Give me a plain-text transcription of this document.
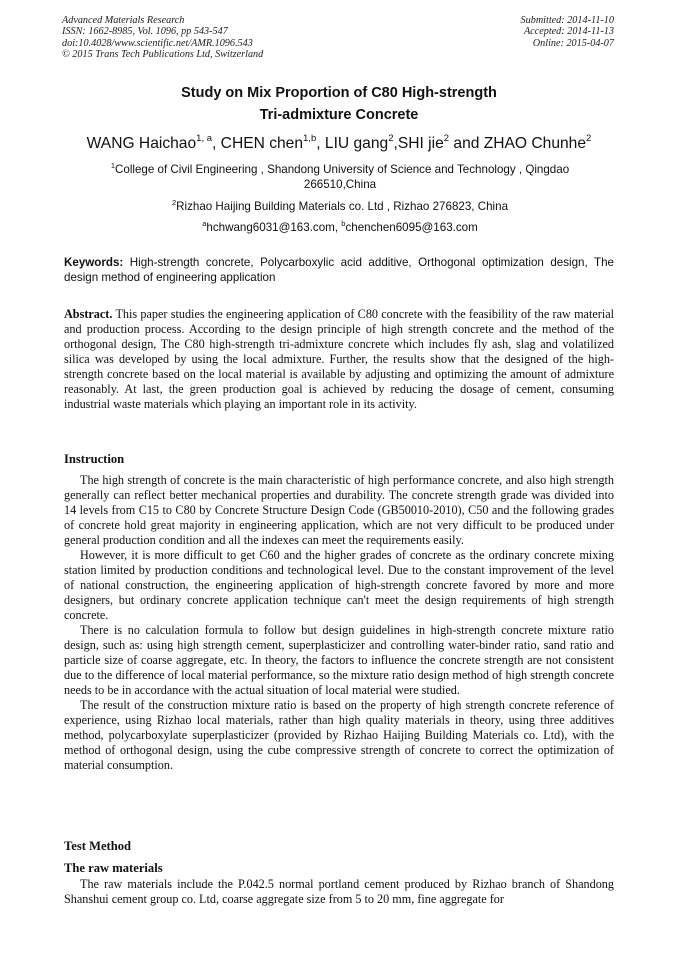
Advanced Materials Research
ISSN: 1662-8985, Vol. 1096, pp 543-547
doi:10.4028/www.scientific.net/AMR.1096.543
© 2015 Trans Tech Publications Ltd, Switzerland
Submitted: 2014-11-10
Accepted: 2014-11-13
Online: 2015-04-07
Study on Mix Proportion of C80 High-strength
Tri-admixture Concrete
WANG Haichao$^{1, a}$, CHEN chen$^{1,b}$, LIU gang$^2$,SHI jie$^2$ and ZHAO Chunhe$^2$
$^1$College of Civil Engineering , Shandong University of Science and Technology , Qingdao 266510,China
$^2$Rizhao Haijing Building Materials co. Ltd , Rizhao 276823, China
$^a$hchwang6031@163.com, $^b$chenchen6095@163.com
Keywords: High-strength concrete, Polycarboxylic acid additive, Orthogonal optimization design, The design method of engineering application
Abstract. This paper studies the engineering application of C80 concrete with the feasibility of the raw material and production process. According to the design principle of high strength concrete and the method of the orthogonal design, The C80 high-strength tri-admixture concrete which includes fly ash, slag and volatilized silica was developed by using the local admixture. Further, the results show that the designed of the high-strength concrete based on the local material is available by adjusting and optimizing the amount of admixture reasonably. At last, the green production goal is achieved by reducing the dosage of cement, consuming industrial waste materials which playing an important role in its activity.
Instruction

The high strength of concrete is the main characteristic of high performance concrete, and also high strength generally can reflect better mechanical properties and durability. The concrete strength grade was divided into 14 levels from C15 to C80 by Concrete Structure Design Code (GB50010-2010), C50 and the following grades of concrete hold great majority in engineering application, which are not very difficult to be produced under general production condition and all the indexes can meet the requirements easily.

However, it is more difficult to get C60 and the higher grades of concrete as the ordinary concrete mixing station limited by production conditions and technological level. Due to the constant improvement of the level of national construction, the engineering application of high-strength concrete favored by more and more designers, but ordinary concrete application technique can't meet the design requirements of high strength concrete.

There is no calculation formula to follow but design guidelines in high-strength concrete mixture ratio design, such as: using high strength cement, superplasticizer and controlling water-binder ratio, sand ratio and particle size of coarse aggregate, etc. In theory, the factors to influence the concrete strength are not consistent due to the difference of local material performance, so the mixture ratio design method of high strength concrete needs to be in accordance with the actual situation of local material were studied.

The result of the construction mixture ratio is based on the property of high strength concrete reference of experience, using Rizhao local materials, rather than high quality materials in theory, using three additives method, polycarboxylate superplasticizer (provided by Rizhao Haijing Building Materials co. Ltd), with the method of orthogonal design, using the cube compressive strength of concrete to correct the optimization of material consumption.

Test Method
The raw materials

The raw materials include the P.042.5 normal portland cement produced by Rizhao branch of Shandong Shanshui cement group co. Ltd, coarse aggregate size from 5 to 20 mm, fine aggregate for
